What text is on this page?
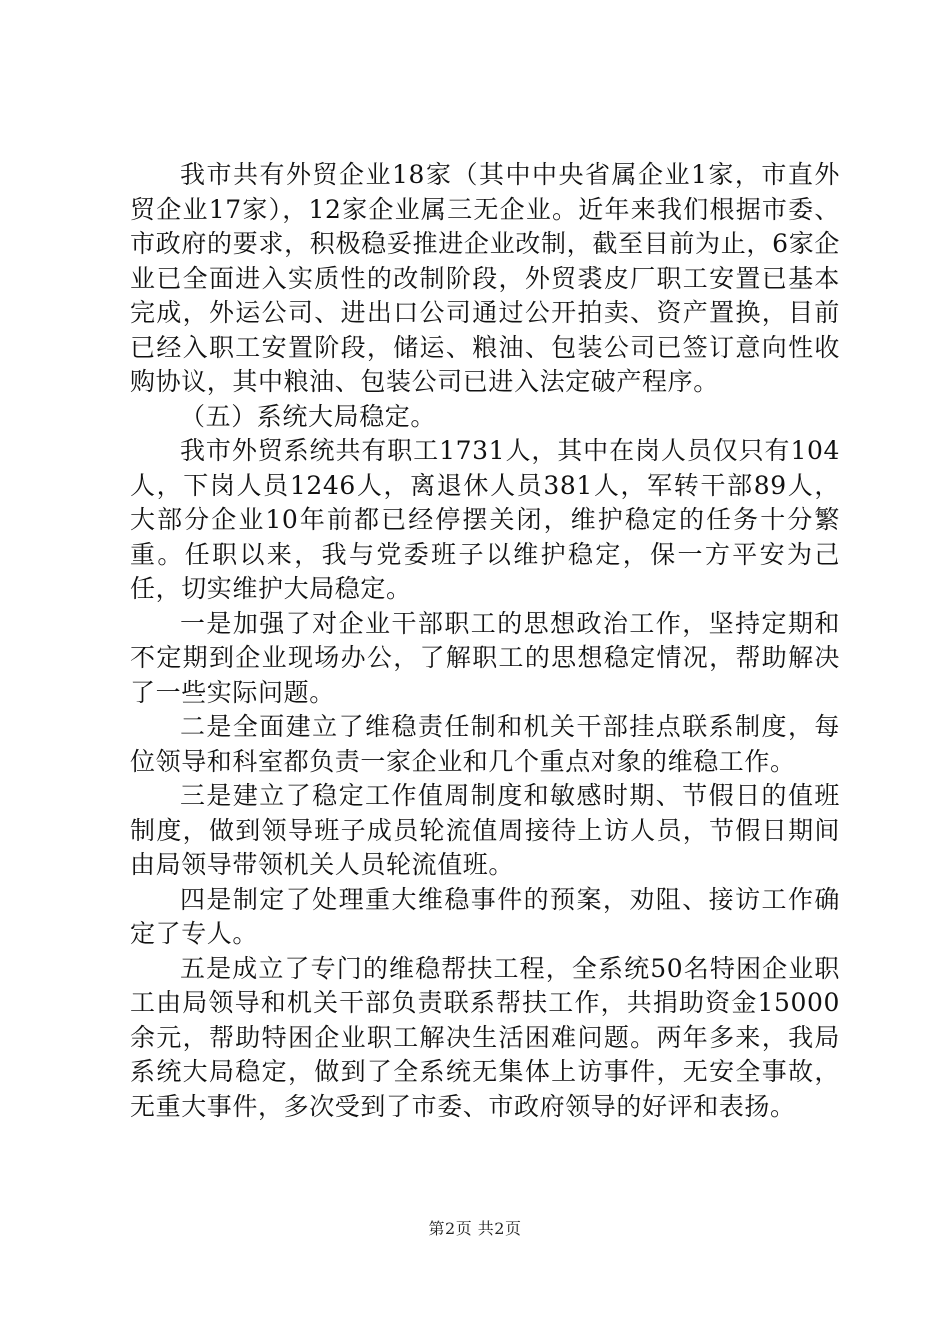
我市共有外贸企业18家（其中中央省属企业1家，市直外贸企业17家），12家企业属三无企业。近年来我们根据市委、市政府的要求，积极稳妥推进企业改制，截至目前为止，6家企业已全面进入实质性的改制阶段，外贸裘皮厂职工安置已基本完成，外运公司、进出口公司通过公开拍卖、资产置换，目前已经入职工安置阶段，储运、粮油、包装公司已签订意向性收购协议，其中粮油、包装公司已进入法定破产程序。

（五）系统大局稳定。

我市外贸系统共有职工1731人，其中在岗人员仅只有104人，下岗人员1246人，离退休人员381人，军转干部89人，大部分企业10年前都已经停摆关闭，维护稳定的任务十分繁重。任职以来，我与党委班子以维护稳定，保一方平安为己任，切实维护大局稳定。

一是加强了对企业干部职工的思想政治工作，坚持定期和不定期到企业现场办公，了解职工的思想稳定情况，帮助解决了一些实际问题。

二是全面建立了维稳责任制和机关干部挂点联系制度，每位领导和科室都负责一家企业和几个重点对象的维稳工作。

三是建立了稳定工作值周制度和敏感时期、节假日的值班制度，做到领导班子成员轮流值周接待上访人员，节假日期间由局领导带领机关人员轮流值班。

四是制定了处理重大维稳事件的预案，劝阻、接访工作确定了专人。

五是成立了专门的维稳帮扶工程，全系统50名特困企业职工由局领导和机关干部负责联系帮扶工作，共捐助资金15000余元，帮助特困企业职工解决生活困难问题。两年多来，我局系统大局稳定，做到了全系统无集体上访事件，无安全事故，无重大事件，多次受到了市委、市政府领导的好评和表扬。

第2页 共2页
